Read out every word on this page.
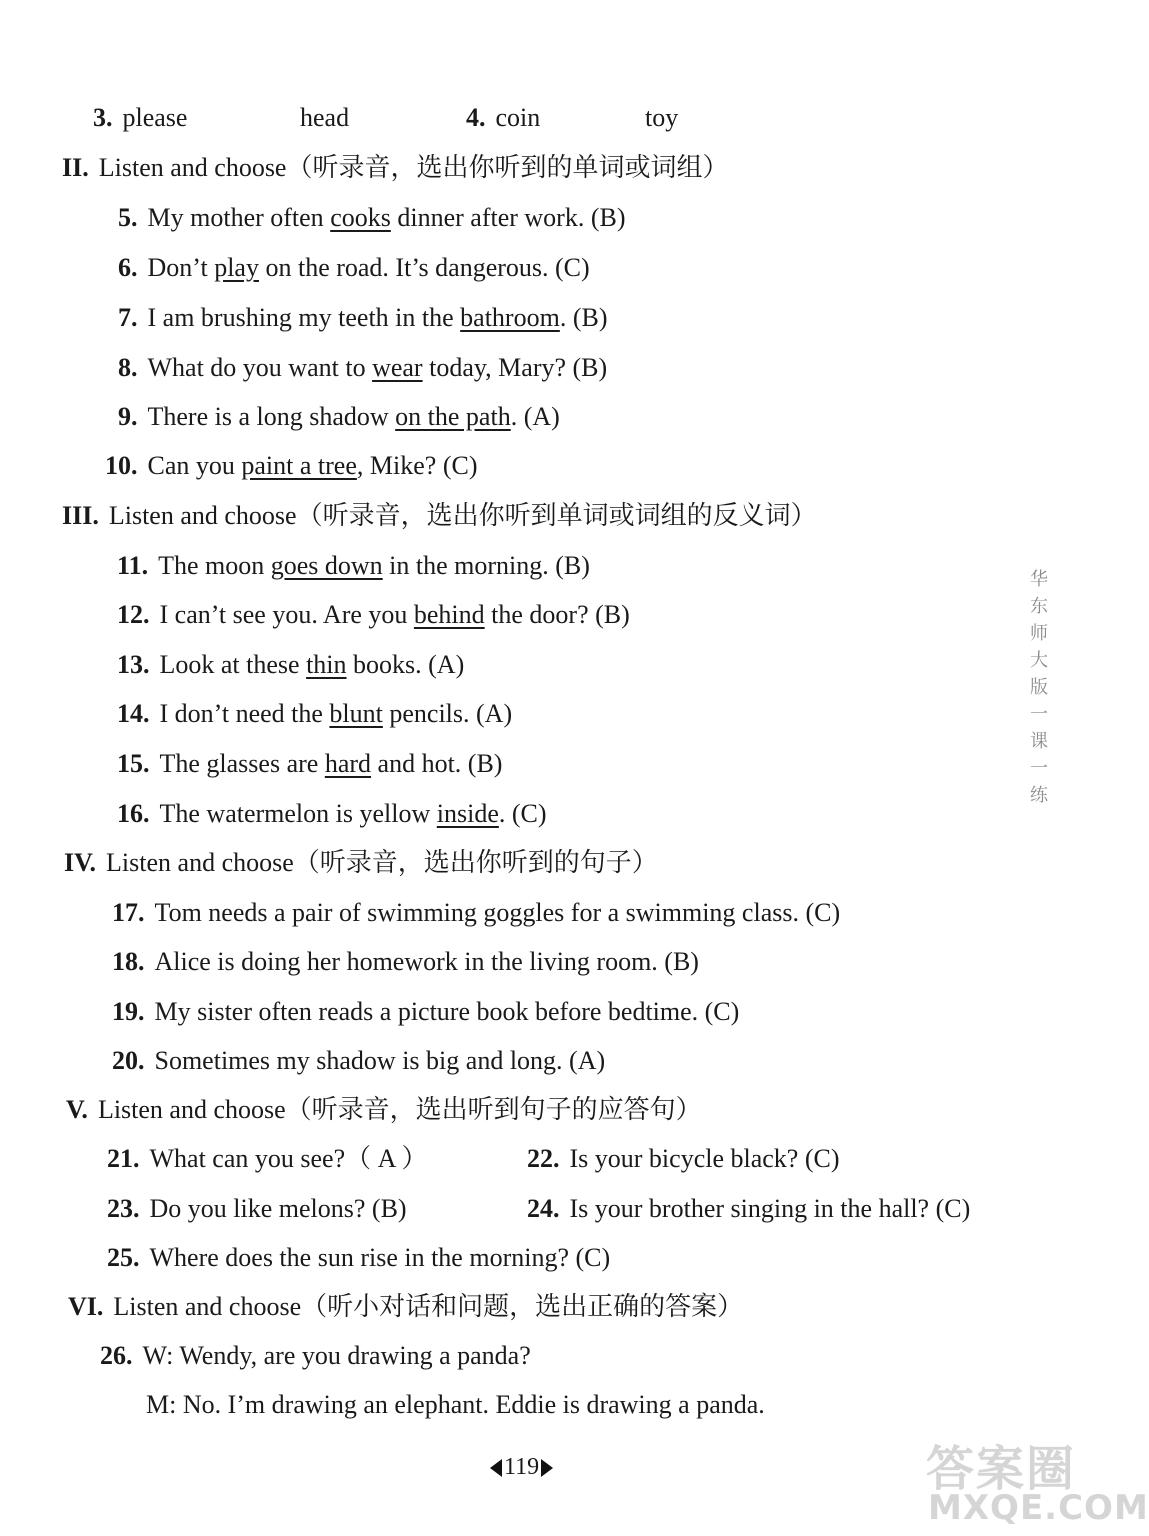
3. please	head	4. coin	toy
II. Listen and choose（听录音，选出你听到的单词或词组）
5. My mother often cooks dinner after work. (B)
6. Don’t play on the road. It’s dangerous. (C)
7. I am brushing my teeth in the bathroom. (B)
8. What do you want to wear today, Mary? (B)
9. There is a long shadow on the path. (A)
10. Can you paint a tree, Mike? (C)
III. Listen and choose（听录音，选出你听到单词或词组的反义词）
11. The moon goes down in the morning. (B)
12. I can’t see you. Are you behind the door? (B)
13. Look at these thin books. (A)
14. I don’t need the blunt pencils. (A)
15. The glasses are hard and hot. (B)
16. The watermelon is yellow inside. (C)
IV. Listen and choose（听录音，选出你听到的句子）
17. Tom needs a pair of swimming goggles for a swimming class. (C)
18. Alice is doing her homework in the living room. (B)
19. My sister often reads a picture book before bedtime. (C)
20. Sometimes my shadow is big and long. (A)
V. Listen and choose（听录音，选出听到句子的应答句）
21. What can you see?（ A ）	22. Is your bicycle black? (C)
23. Do you like melons? (B)	24. Is your brother singing in the hall? (C)
25. Where does the sun rise in the morning? (C)
VI. Listen and choose（听小对话和问题，选出正确的答案）
26. W: Wendy, are you drawing a panda?
M: No. I’m drawing an elephant. Eddie is drawing a panda.
华东师大版一课一练
119	答案圈
MXQE.COM
